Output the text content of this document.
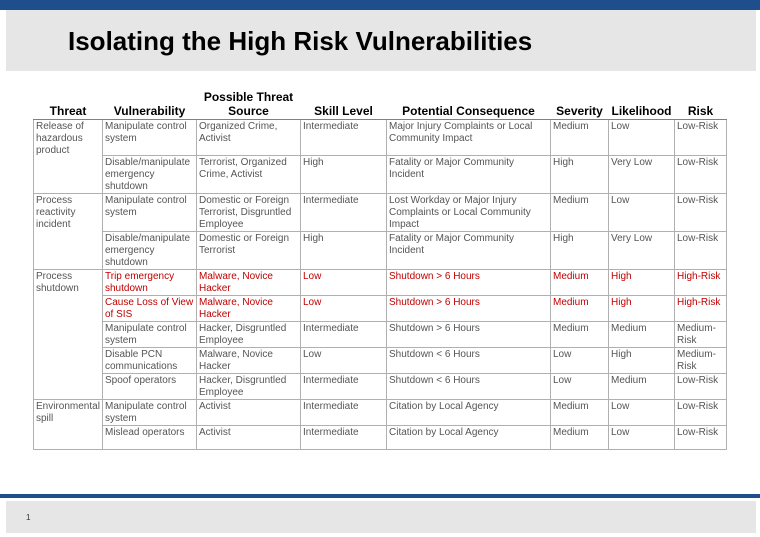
Isolating the High Risk Vulnerabilities
Threat	Vulnerability	Possible Threat Source	Skill Level	Potential Consequence	Severity	Likelihood	Risk
Release of hazardous product	Manipulate control system	Organized Crime, Activist	Intermediate	Major Injury Complaints or Local Community Impact	Medium	Low	Low-Risk
	Disable/manipulate emergency shutdown	Terrorist, Organized Crime, Activist	High	Fatality or Major Community Incident	High	Very Low	Low-Risk
Process reactivity incident	Manipulate control system	Domestic or Foreign Terrorist, Disgruntled Employee	Intermediate	Lost Workday or Major Injury Complaints or Local Community Impact	Medium	Low	Low-Risk
	Disable/manipulate emergency shutdown	Domestic or Foreign Terrorist	High	Fatality or Major Community Incident	High	Very Low	Low-Risk
Process shutdown	Trip emergency shutdown	Malware, Novice Hacker	Low	Shutdown > 6 Hours	Medium	High	High-Risk
	Cause Loss of View of SIS	Malware, Novice Hacker	Low	Shutdown > 6 Hours	Medium	High	High-Risk
	Manipulate control system	Hacker, Disgruntled Employee	Intermediate	Shutdown > 6 Hours	Medium	Medium	Medium-Risk
	Disable PCN communications	Malware, Novice Hacker	Low	Shutdown < 6 Hours	Low	High	Medium-Risk
	Spoof operators	Hacker, Disgruntled Employee	Intermediate	Shutdown < 6 Hours	Low	Medium	Low-Risk
Environmental spill	Manipulate control system	Activist	Intermediate	Citation by Local Agency	Medium	Low	Low-Risk
	Mislead operators	Activist	Intermediate	Citation by Local Agency	Medium	Low	Low-Risk
1
